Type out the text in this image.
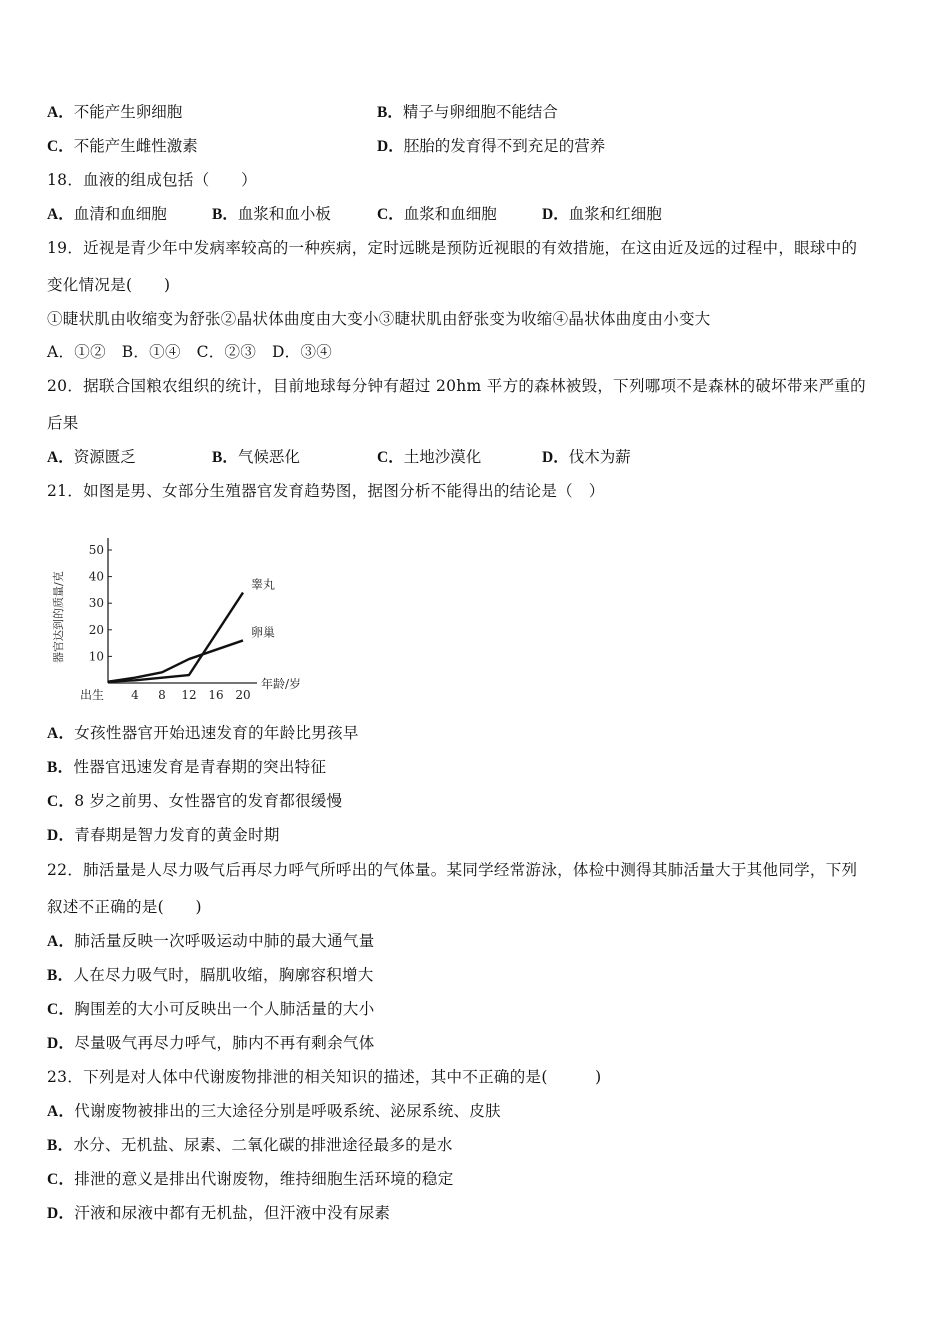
A．不能产生卵细胞	B．精子与卵细胞不能结合
C．不能产生雌性激素	D．胚胎的发育得不到充足的营养
18．血液的组成包括（　　）
A．血清和血细胞	B．血浆和血小板	C．血浆和血细胞	D．血浆和红细胞
19．近视是青少年中发病率较高的一种疾病，定时远眺是预防近视眼的有效措施，在这由近及远的过程中，眼球中的
变化情况是(　　)
①睫状肌由收缩变为舒张②晶状体曲度由大变小③睫状肌由舒张变为收缩④晶状体曲度由小变大
A．①②　B．①④　C．②③　D．③④
20．据联合国粮农组织的统计，目前地球每分钟有超过 20hm 平方的森林被毁，下列哪项不是森林的破坏带来严重的
后果
A．资源匮乏	B．气候恶化	C．土地沙漠化	D．伐木为薪
21．如图是男、女部分生殖器官发育趋势图，据图分析不能得出的结论是（　）
10
20
30
40
50
出生 4 8 12 16 20
睾丸
卵巢
年龄/岁
器官达到的质量/克
A．女孩性器官开始迅速发育的年龄比男孩早
B．性器官迅速发育是青春期的突出特征
C．8 岁之前男、女性器官的发育都很缓慢
D．青春期是智力发育的黄金时期
22．肺活量是人尽力吸气后再尽力呼气所呼出的气体量。某同学经常游泳，体检中测得其肺活量大于其他同学，下列
叙述不正确的是(　　)
A．肺活量反映一次呼吸运动中肺的最大通气量
B．人在尽力吸气时，膈肌收缩，胸廓容积增大
C．胸围差的大小可反映出一个人肺活量的大小
D．尽量吸气再尽力呼气，肺内不再有剩余气体
23．下列是对人体中代谢废物排泄的相关知识的描述，其中不正确的是(　　　)
A．代谢废物被排出的三大途径分别是呼吸系统、泌尿系统、皮肤
B．水分、无机盐、尿素、二氧化碳的排泄途径最多的是水
C．排泄的意义是排出代谢废物，维持细胞生活环境的稳定
D．汗液和尿液中都有无机盐，但汗液中没有尿素
